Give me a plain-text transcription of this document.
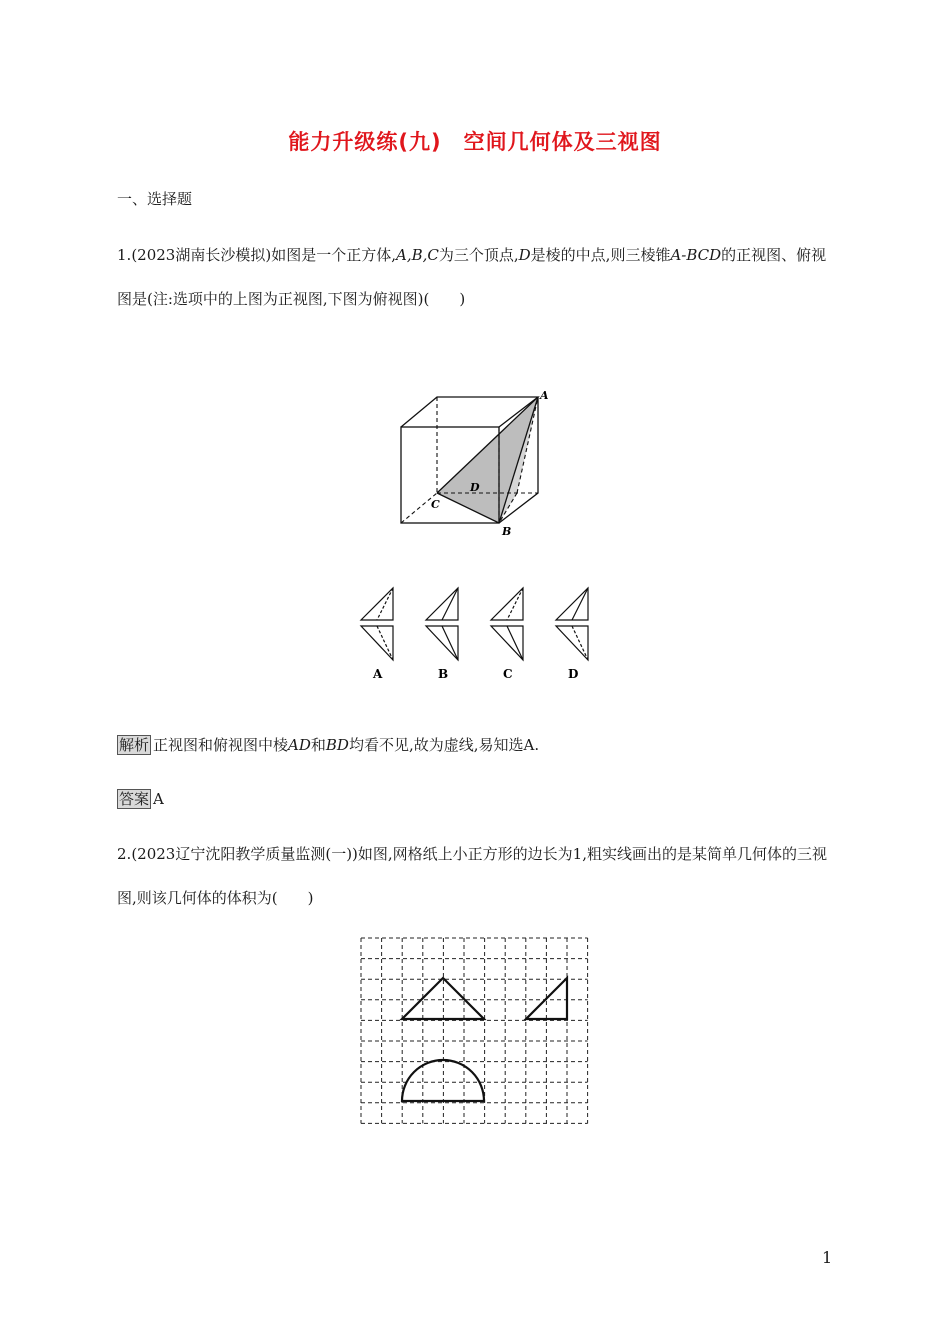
能力升级练(九)　空间几何体及三视图
一、选择题
1.(2023湖南长沙模拟)如图是一个正方体,A,B,C为三个顶点,D是棱的中点,则三棱锥A-BCD的正视图、俯视图是(注:选项中的上图为正视图,下图为俯视图)(　　)
A
B
C
D
A	B	C	D
解析 正视图和俯视图中棱AD和BD均看不见,故为虚线,易知选A.
答案 A
2.(2023辽宁沈阳教学质量监测(一))如图,网格纸上小正方形的边长为1,粗实线画出的是某简单几何体的三视图,则该几何体的体积为(　　)
1
